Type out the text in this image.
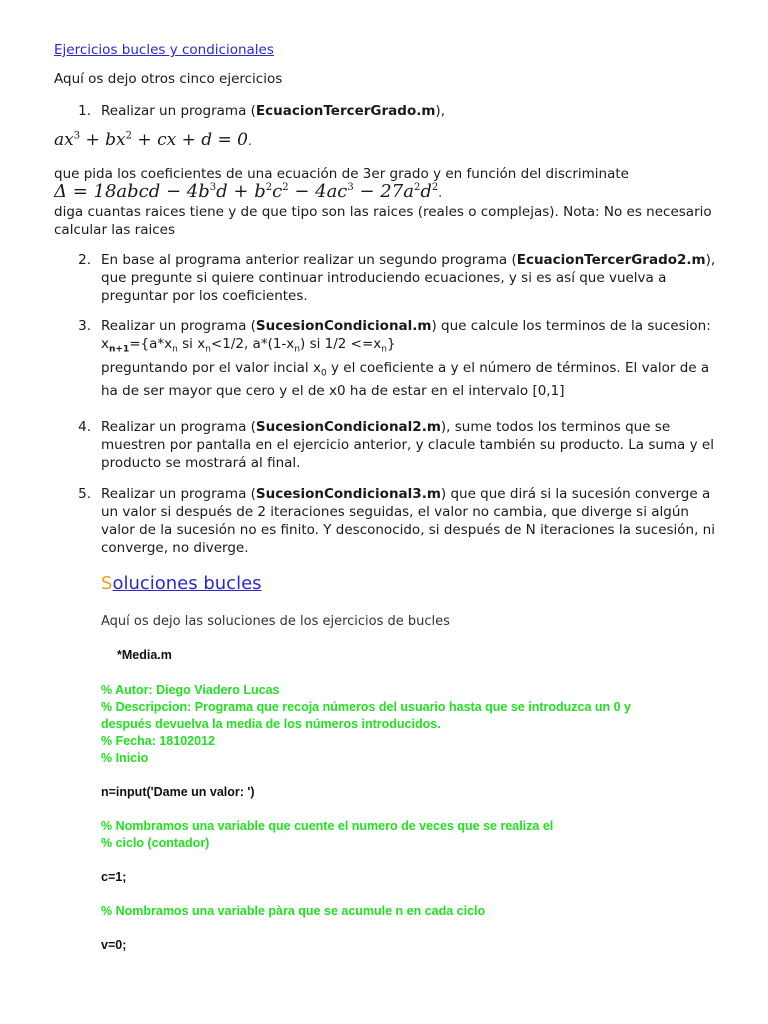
Ejercicios bucles y condicionales
Aquí os dejo otros cinco ejercicios
1. Realizar un programa (EcuacionTercerGrado.m),
$ax^3 + bx^2$ + cx + d = 0.
que pida los coeficientes de una ecuación de 3er grado y en función del discriminate
Δ = 18abcd − $4b^3d + b^2c^2 - 4ac^3 - 27a^2d^2$.
diga cuantas raices tiene y de que tipo son las raices (reales o complejas). Nota: No es necesario calcular las raices
2. En base al programa anterior realizar un segundo programa (EcuacionTercerGrado2.m), que pregunte si quiere continuar introduciendo ecuaciones, y si es así que vuelva a preguntar por los coeficientes.
3. Realizar un programa (SucesionCondicional.m) que calcule los terminos de la sucesion:
$x_{n+1}=\{a*x_n$ si $x_n<1/2$, $a*(1-x_n)$ si $1/2 <=x_n$}
preguntando por el valor incial $x_0$ y el coeficiente a y el número de términos. El valor de a ha de ser mayor que cero y el de x0 ha de estar en el intervalo [0,1]
4. Realizar un programa (SucesionCondicional2.m), sume todos los terminos que se muestren por pantalla en el ejercicio anterior, y clacule también su producto. La suma y el producto se mostrará al final.
5. Realizar un programa (SucesionCondicional3.m) que que dirá si la sucesión converge a un valor si después de 2 iteraciones seguidas, el valor no cambia, que diverge si algún valor de la sucesión no es finito. Y desconocido, si después de N iteraciones la sucesión, ni converge, no diverge.
Soluciones bucles
Aquí os dejo las soluciones de los ejercicios de bucles
*Media.m
% Autor: Diego Viadero Lucas
% Descripcion: Programa que recoja números del usuario hasta que se introduzca un 0 y
después devuelva la media de los números introducidos.
% Fecha: 18102012
% Inicio
n=input('Dame un valor: ')
% Nombramos una variable que cuente el numero de veces que se realiza el
% ciclo (contador)
c=1;
% Nombramos una variable pàra que se acumule n en cada ciclo
v=0;
